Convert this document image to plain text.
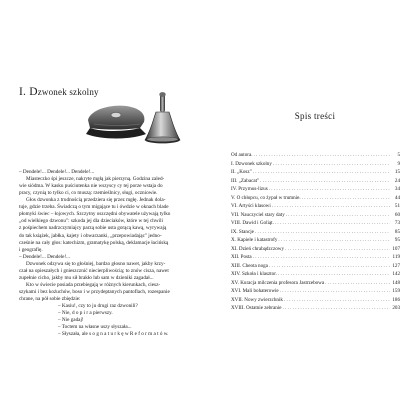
I. Dzwonek szkolny

– Dendele!... Dendele!... Dendele!...

Miasteczko śpi jeszcze, nakryte mgłą jak pierzyną. Godzina zaled-

wie siódma. W kasku puściutenka nie wszyscy cy tej porze wstaja do

pracy, czynią to tylko ci, co muszą: rzemieślnicy, sługi, oczniowie.

Głos dzwonka z trudnością przedziera się przez mgłę. Jednak dola-

tuje, gdzie trzeba. Świadczą o tym migające tu i ówdzie w oknach blade

płomyki świec – łojowych. Szczytny oszczędni obywatele używają tylko

„od wielkiego dzwonu": szkoda jej dla dzieciaków, które w tej chwili

z pośpiechem nadrzczymiajcy parzą sobie usta gorącą kawą, wyrywają

do tak książek, jabłka, kajety i obwarzanki, „przepowiadając" jedno-

cześnie na cały głos: katechizm, gramatykę polską, deklamacje łacińską

i geografię.

– Dendele!... Dendele!...

Dzwonek odzywa się to głośniej, bardzo głosno nawet, jakby krzy-

czał na opieszałych i gnieszcznić niecierpliwością; to znów cisza, nawet

zupełnie cicho, jakby mu sił brakło lub sam w dzieniki zagadał...

Kto w świecie posiada przebiegają w różnych kierunkach, ciesz-

szykami i bez kożuchów, boso i w przydeptanych pantoflach, rozespanie

chrane, na pół sobie zbiędzie:

– Kasiu!, czy to ju drugi raz dzwonili?

– Nie, d o p i r a pierwszy.

– Nie gadaj!

– Toctem na własne uszy słyszała...

– Słyszała, ale s o g n a t u r k ę w R e f o r m a t ó w.

Spis treści
Od autora. . . .	5
I. Dzwonek szkolny . . .	9
II. „Kosz" . . .	15
III. „Zabacat" . . .	24
IV. Przyrnus-lizus . . .	34
V. O chłopcu, co żypał w trumnie. . . .	44
VI. Artyści klasowi . . .	51
VII. Nauczyciel stary daty . . .	60
VIII. Dawid i Goliąt. . . .	73
IX. Stancje . . .	85
X. Kapiele i katastrofy . . .	95
XI. Dzień chrabądzczowy . . .	107
XII. Posta . . .	119
XIII. Cheota noga . . .	127
XIV. Szkoła i klasztor. . . .	142
XV. Kuracja milczenia profesora Jastrzebowa . . .	148
XVI. Mali bohaterowie . . .	159
XVII. Nowy zwierzchnik . . .	186
XVIII. Ostatnie zebranie . . .	203
